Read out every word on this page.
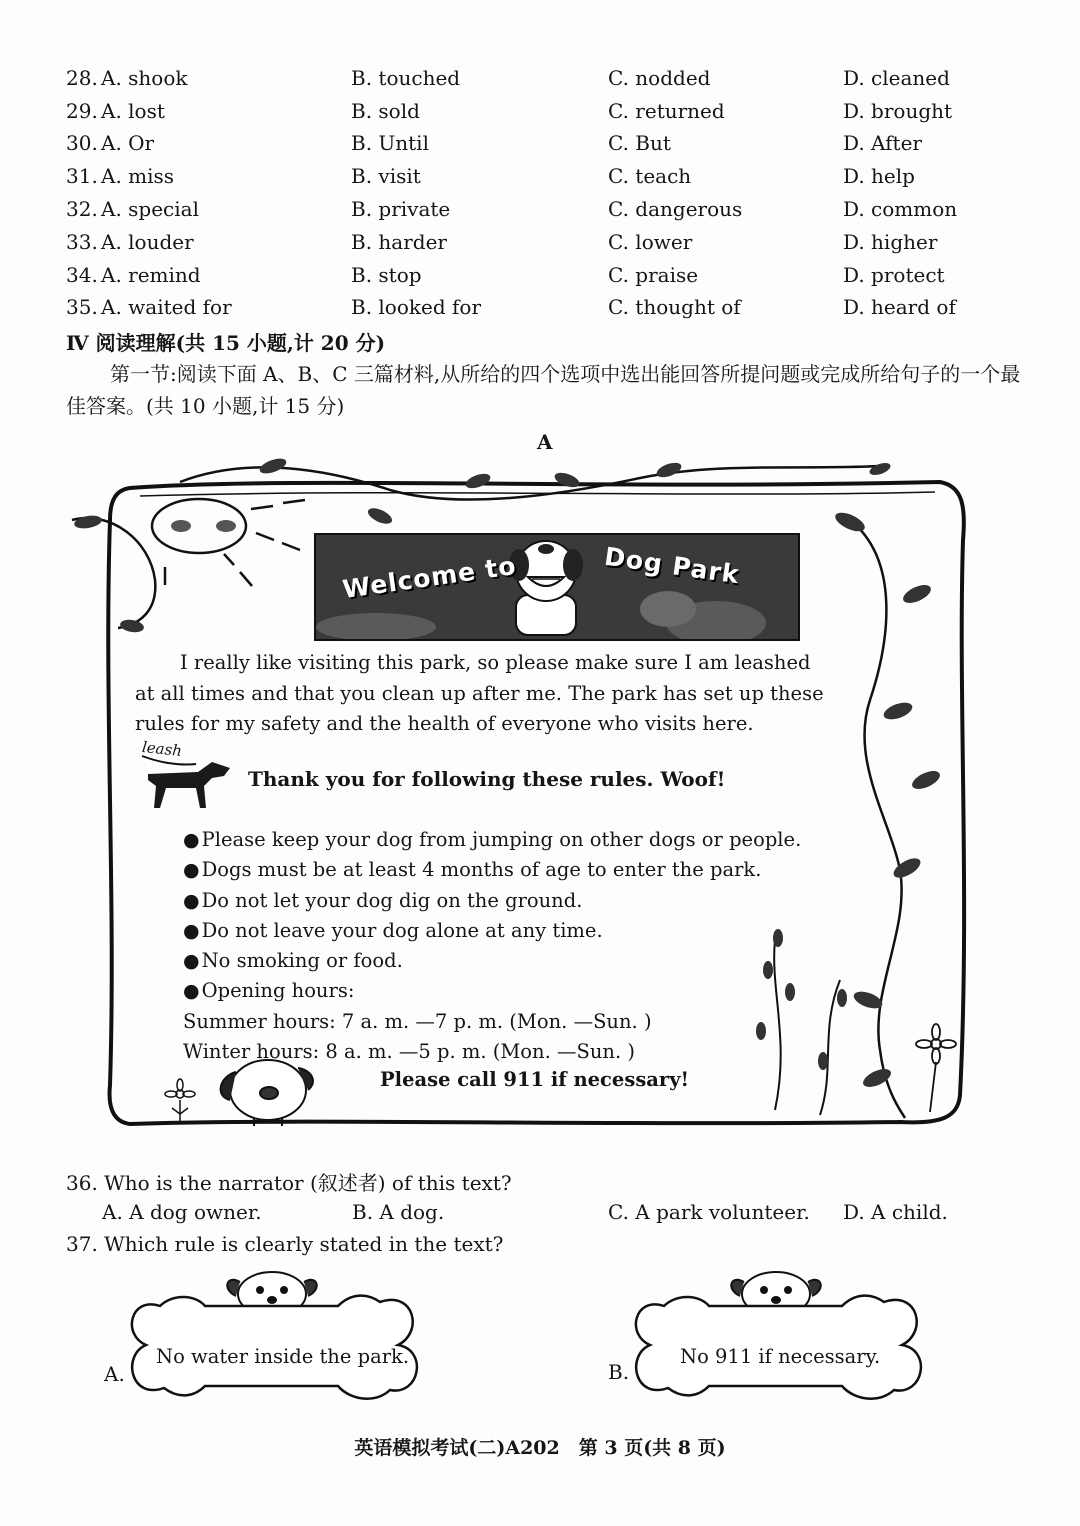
28. A. shook	B. touched	C. nodded	D. cleaned
29. A. lost	B. sold	C. returned	D. brought
30. A. Or	B. Until	C. But	D. After
31. A. miss	B. visit	C. teach	D. help
32. A. special	B. private	C. dangerous	D. common
33. A. louder	B. harder	C. lower	D. higher
34. A. remind	B. stop	C. praise	D. protect
35. A. waited for	B. looked for	C. thought of	D. heard of
Ⅳ 阅读理解(共 15 小题,计 20 分)
第一节:阅读下面 A、B、C 三篇材料,从所给的四个选项中选出能回答所提问题或完成所给句子的一个最佳答案。(共 10 小题,计 15 分)
A
Welcome to	Dog Park

I really like visiting this park, so please make sure I am leashed at all times and that you clean up after me. The park has set up these rules for my safety and the health of everyone who visits here.

leash
Thank you for following these rules. Woof!
● Please keep your dog from jumping on other dogs or people.
● Dogs must be at least 4 months of age to enter the park.
● Do not let your dog dig on the ground.
● Do not leave your dog alone at any time.
● No smoking or food.
● Opening hours:
Summer hours: 7 a. m. —7 p. m. (Mon. —Sun. )
Winter hours: 8 a. m. —5 p. m. (Mon. —Sun. )
Please call 911 if necessary!
36. Who is the narrator (叙述者) of this text?
A. A dog owner.	B. A dog.	C. A park volunteer. D. A child.
37. Which rule is clearly stated in the text?
A.
No water inside the park.
B.
No 911 if necessary.
英语模拟考试(二)A202　第 3 页(共 8 页)
